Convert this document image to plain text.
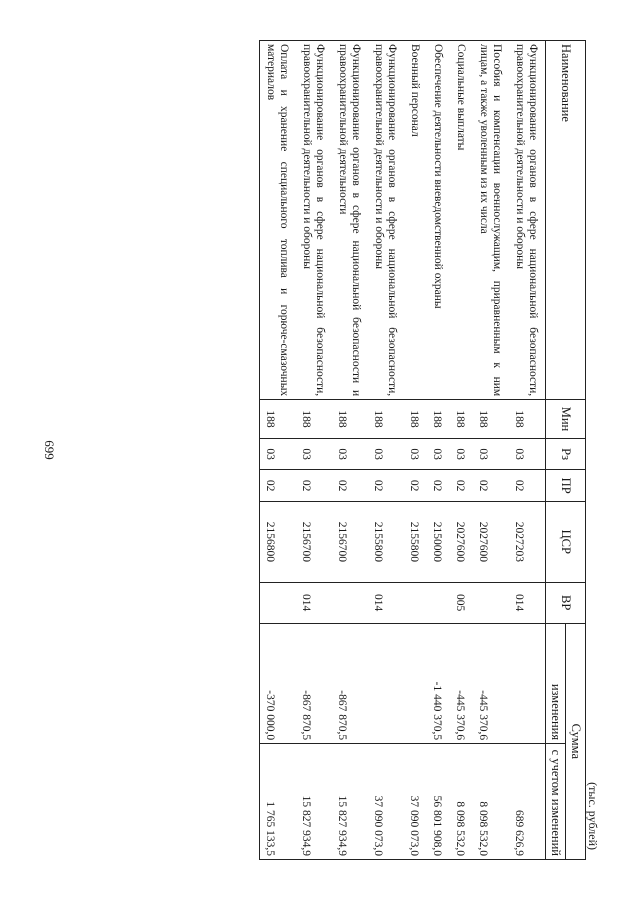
699
(тыс. рублей)
Наименование	Мин	Рз	ПР	ЦСР	ВР	Сумма	
						изменения	с учетом изменений
Функционирование органов в сфере национальной безопасности, правоохранительной деятельности и обороны	188	03	02	2027203	014		689 626,9
Пособия и компенсации военнослужащим, приравненным к ним лицам, а также уволенным из их числа	188	03	02	2027600		-445 370,6	8 098 532,0
Социальные выплаты	188	03	02	2027600	005	-445 370,6	8 098 532,0
Обеспечение деятельности вневедомственной охраны	188	03	02	2150000		-1 440 370,5	56 801 908,0
Военный персонал	188	03	02	2155800			37 090 073,0
Функционирование органов в сфере национальной безопасности, правоохранительной деятельности и обороны	188	03	02	2155800	014		37 090 073,0
Функционирование органов в сфере национальной безопасности и правоохранительной деятельности	188	03	02	2156700		-867 870,5	15 827 934,9
Функционирование органов в сфере национальной безопасности, правоохранительной деятельности и обороны	188	03	02	2156700	014	-867 870,5	15 827 934,9
Оплата и хранение специального топлива и горюче-смазочных материалов	188	03	02	2156800		-370 000,0	1 765 133,5
